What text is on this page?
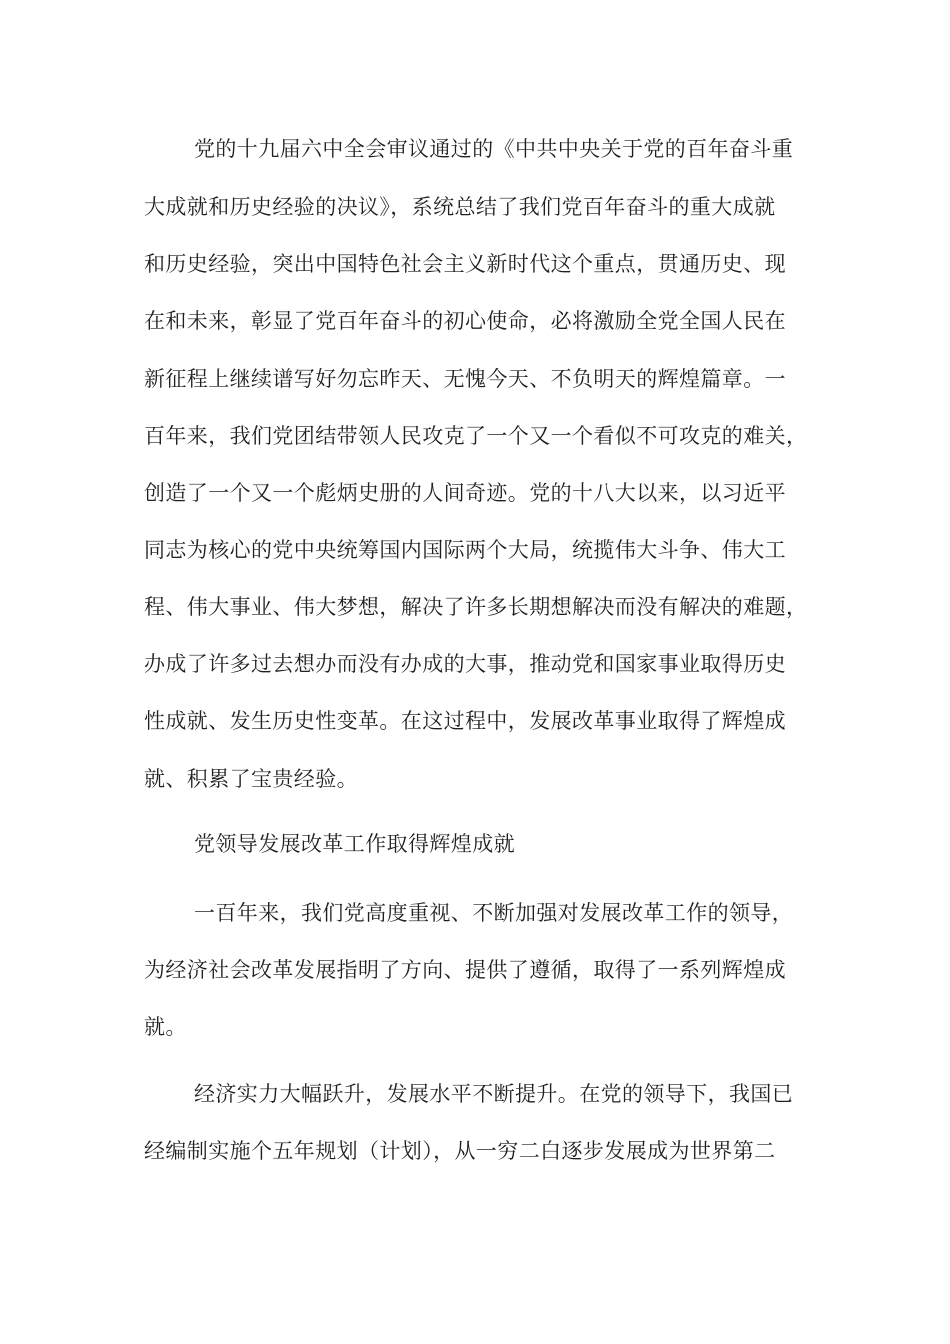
党的十九届六中全会审议通过的《中共中央关于党的百年奋斗重
大成就和历史经验的决议》，系统总结了我们党百年奋斗的重大成就
和历史经验，突出中国特色社会主义新时代这个重点，贯通历史、现
在和未来，彰显了党百年奋斗的初心使命，必将激励全党全国人民在
新征程上继续谱写好勿忘昨天、无愧今天、不负明天的辉煌篇章。一
百年来，我们党团结带领人民攻克了一个又一个看似不可攻克的难关，
创造了一个又一个彪炳史册的人间奇迹。党的十八大以来，以习近平
同志为核心的党中央统筹国内国际两个大局，统揽伟大斗争、伟大工
程、伟大事业、伟大梦想，解决了许多长期想解决而没有解决的难题，
办成了许多过去想办而没有办成的大事，推动党和国家事业取得历史
性成就、发生历史性变革。在这过程中，发展改革事业取得了辉煌成
就、积累了宝贵经验。
党领导发展改革工作取得辉煌成就
一百年来，我们党高度重视、不断加强对发展改革工作的领导，
为经济社会改革发展指明了方向、提供了遵循，取得了一系列辉煌成
就。
经济实力大幅跃升，发展水平不断提升。在党的领导下，我国已
经编制实施个五年规划（计划），从一穷二白逐步发展成为世界第二
